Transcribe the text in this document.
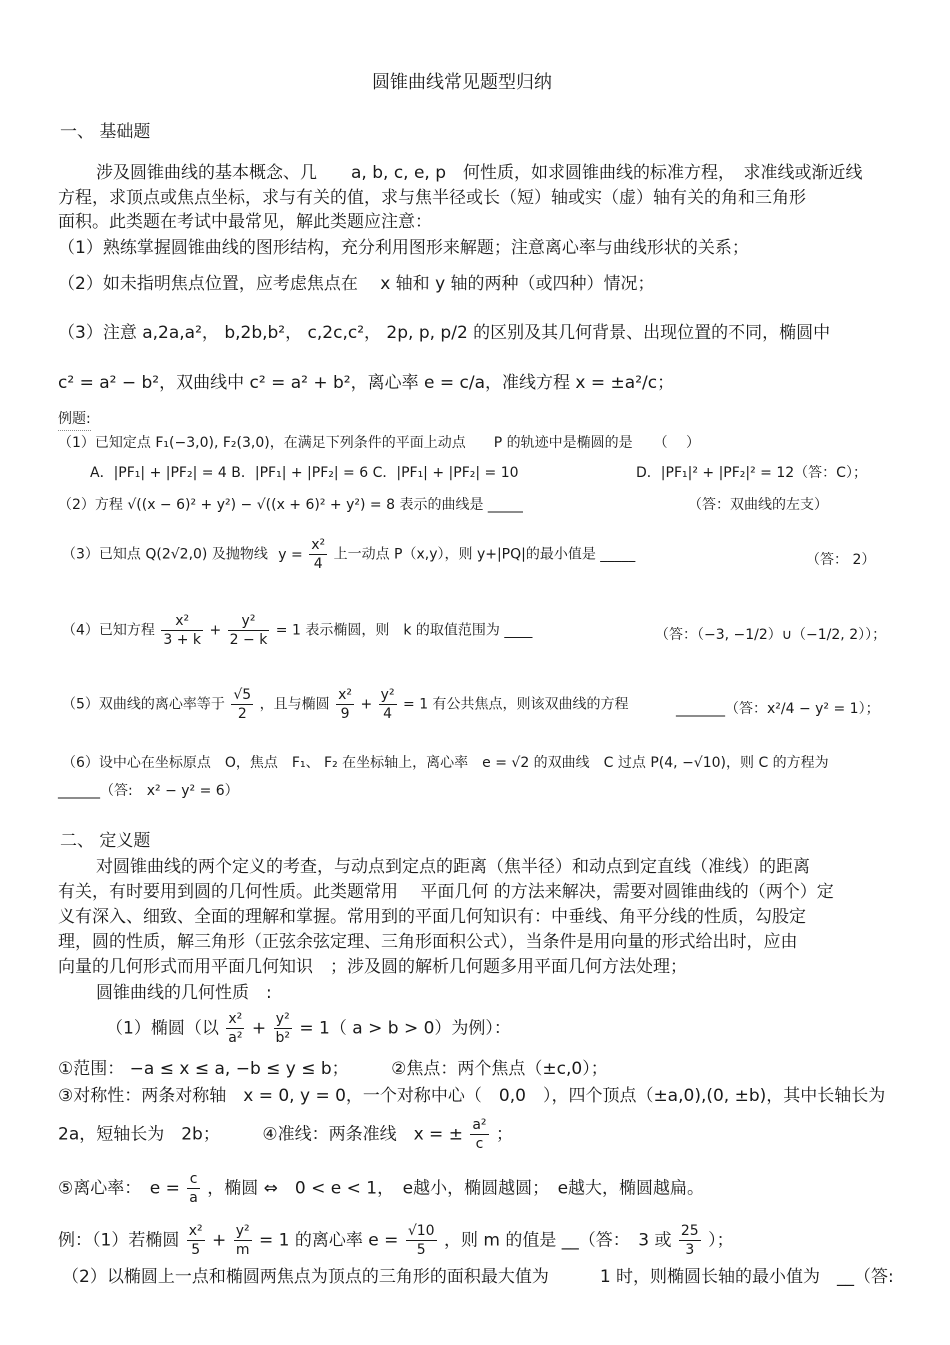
圆锥曲线常见题型归纳
一、 基础题
涉及圆锥曲线的基本概念、几　　a, b, c, e, p　何性质，如求圆锥曲线的标准方程，　求准线或渐近线
方程，求顶点或焦点坐标，求与有关的值，求与焦半径或长（短）轴或实（虚）轴有关的角和三角形
面积。此类题在考试中最常见，解此类题应注意：
（1）熟练掌握圆锥曲线的图形结构，充分利用图形来解题；注意离心率与曲线形状的关系；
（2）如未指明焦点位置，应考虑焦点在　 x 轴和 y 轴的两种（或四种）情况；
（3）注意 a,2a,a²， b,2b,b²， c,2c,c²， 2p, p, p/2 的区别及其几何背景、出现位置的不同，椭圆中
c² = a² − b²，双曲线中 c² = a² + b²，离心率 e = c/a，准线方程 x = ±a²/c；
例题:
（1）已知定点 F₁(−3,0), F₂(3,0)，在满足下列条件的平面上动点　　P 的轨迹中是椭圆的是　　（　 ）
A．|PF₁| + |PF₂| = 4 B．|PF₁| + |PF₂| = 6 C．|PF₁| + |PF₂| = 10	D．|PF₁|² + |PF₂|² = 12（答：C）；
（2）方程 √((x − 6)² + y²) − √((x + 6)² + y²) = 8 表示的曲线是 _____	（答：双曲线的左支）
（3）已知点 Q(2√2,0) 及抛物线 $y = \frac{\text{x²}}{4}$ 上一动点 P（x,y），则 y+|PQ|的最小值是 _____	（答： 2）
（4）已知方程 $\frac{\text{x²}}{3 + k} + \frac{\text{y²}}{2 - k} = 1$ 表示椭圆，则　k 的取值范围为 ____	（答：（−3, −1/2）∪（−1/2, 2））；
（5）双曲线的离心率等于 $\frac{√5}{2}$ ，且与椭圆 $\frac{\text{x²}}{9} + \frac{\text{y²}}{4} = 1$ 有公共焦点，则该双曲线的方程	_______（答：x²/4 − y² = 1）；
（6）设中心在坐标原点　O，焦点　F₁、 F₂ 在坐标轴上，离心率　e = √2 的双曲线　C 过点 P(4, −√10)，则 C 的方程为
______（答:　x² − y² = 6）
二、 定义题
对圆锥曲线的两个定义的考查，与动点到定点的距离（焦半径）和动点到定直线（准线）的距离
有关，有时要用到圆的几何性质。此类题常用　 平面几何 的方法来解决，需要对圆锥曲线的（两个）定
义有深入、细致、全面的理解和掌握。常用到的平面几何知识有：中垂线、角平分线的性质，勾股定
理，圆的性质，解三角形（正弦余弦定理、三角形面积公式），当条件是用向量的形式给出时，应由
向量的几何形式而用平面几何知识　；涉及圆的解析几何题多用平面几何方法处理；
圆锥曲线的几何性质　:
（1）椭圆（以 $\frac{\text{x²}}{\text{a²}} + \frac{\text{y²}}{\text{b²}} = 1$（ a > b > 0）为例）：
①范围： −a ≤ x ≤ a, −b ≤ y ≤ b；　　　②焦点：两个焦点（±c,0）；
③对称性：两条对称轴　x = 0, y = 0，一个对称中心（　0,0　），四个顶点（±a,0),(0, ±b)，其中长轴长为
2a，短轴长为　2b；　　　④准线：两条准线　x = ± $\frac{\text{a²}}{c}$ ；
⑤离心率：　$e = \frac{c}{a}$ ，椭圆 ⇔　0 < e < 1，　e越小，椭圆越圆；　e越大，椭圆越扁。
例：（1）若椭圆 $\frac{\text{x²}}{5} + \frac{\text{y²}}{m} = 1$ 的离心率 $e = \frac{√10}{5}$ ，则 m 的值是 __（答：　3 或 $\frac{25}{3}$ ）；
（2）以椭圆上一点和椭圆两焦点为顶点的三角形的面积最大值为　　　1 时，则椭圆长轴的最小值为　__（答:
